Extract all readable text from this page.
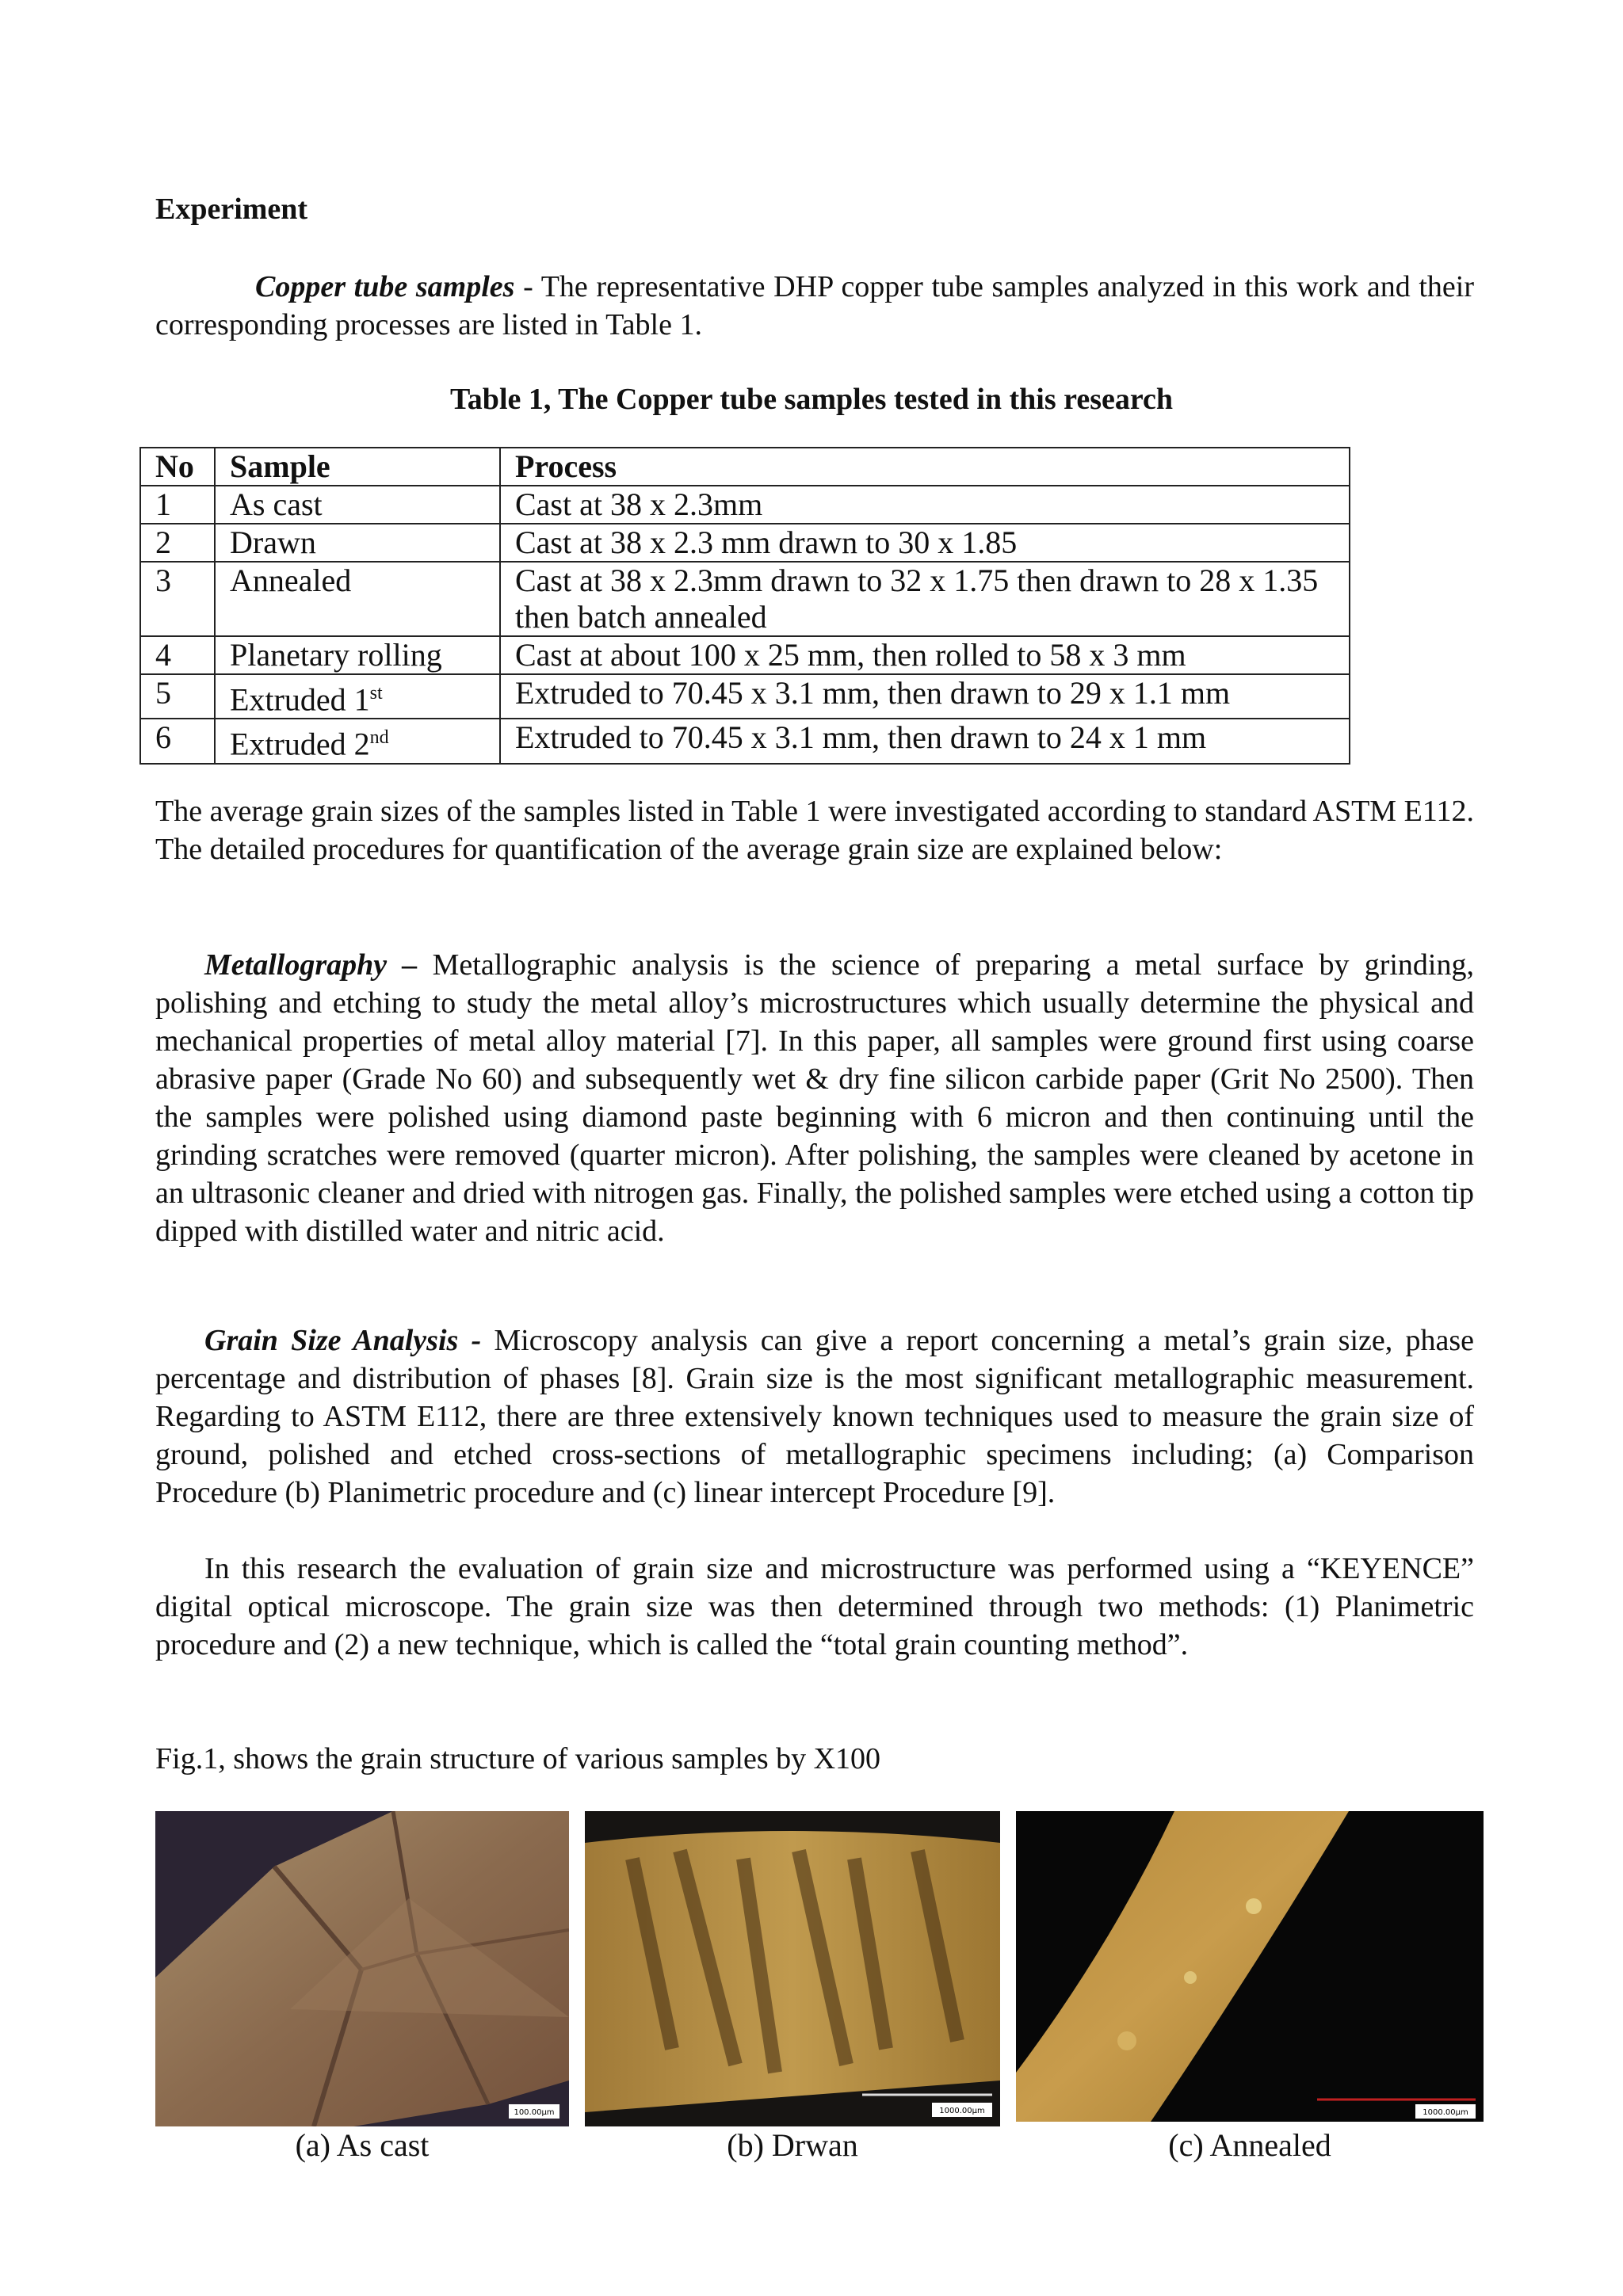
Experiment

Copper tube samples - The representative DHP copper tube samples analyzed in this work and their corresponding processes are listed in Table 1.

Table 1, The Copper tube samples tested in this research
No	Sample	Process
1	As cast	Cast at 38 x 2.3mm
2	Drawn	Cast at 38 x 2.3 mm drawn to 30 x 1.85
3	Annealed	Cast at 38 x 2.3mm drawn to 32 x 1.75 then drawn to 28 x 1.35 then batch annealed
4	Planetary rolling	Cast at about 100 x 25 mm, then rolled to 58 x 3 mm
5	Extruded 1st	Extruded to 70.45 x 3.1 mm, then drawn to 29 x 1.1 mm
6	Extruded 2nd	Extruded to 70.45 x 3.1 mm, then drawn to 24 x 1 mm

The average grain sizes of the samples listed in Table 1 were investigated according to standard ASTM E112. The detailed procedures for quantification of the average grain size are explained below:

Metallography – Metallographic analysis is the science of preparing a metal surface by grinding, polishing and etching to study the metal alloy’s microstructures which usually determine the physical and mechanical properties of metal alloy material [7]. In this paper, all samples were ground first using coarse abrasive paper (Grade No 60) and subsequently wet & dry fine silicon carbide paper (Grit No 2500). Then the samples were polished using diamond paste beginning with 6 micron and then continuing until the grinding scratches were removed (quarter micron). After polishing, the samples were cleaned by acetone in an ultrasonic cleaner and dried with nitrogen gas. Finally, the polished samples were etched using a cotton tip dipped with distilled water and nitric acid.

Grain Size Analysis - Microscopy analysis can give a report concerning a metal’s grain size, phase percentage and distribution of phases [8]. Grain size is the most significant metallographic measurement. Regarding to ASTM E112, there are three extensively known techniques used to measure the grain size of ground, polished and etched cross-sections of metallographic specimens including; (a) Comparison Procedure (b) Planimetric procedure and (c) linear intercept Procedure [9].

In this research the evaluation of grain size and microstructure was performed using a “KEYENCE” digital optical microscope. The grain size was then determined through two methods: (1) Planimetric procedure and (2) a new technique, which is called the “total grain counting method”.

Fig.1, shows the grain structure of various samples by X100

100.00µm	1000.00µm	1000.00µm
(a) As cast	(b) Drwan	(c) Annealed
